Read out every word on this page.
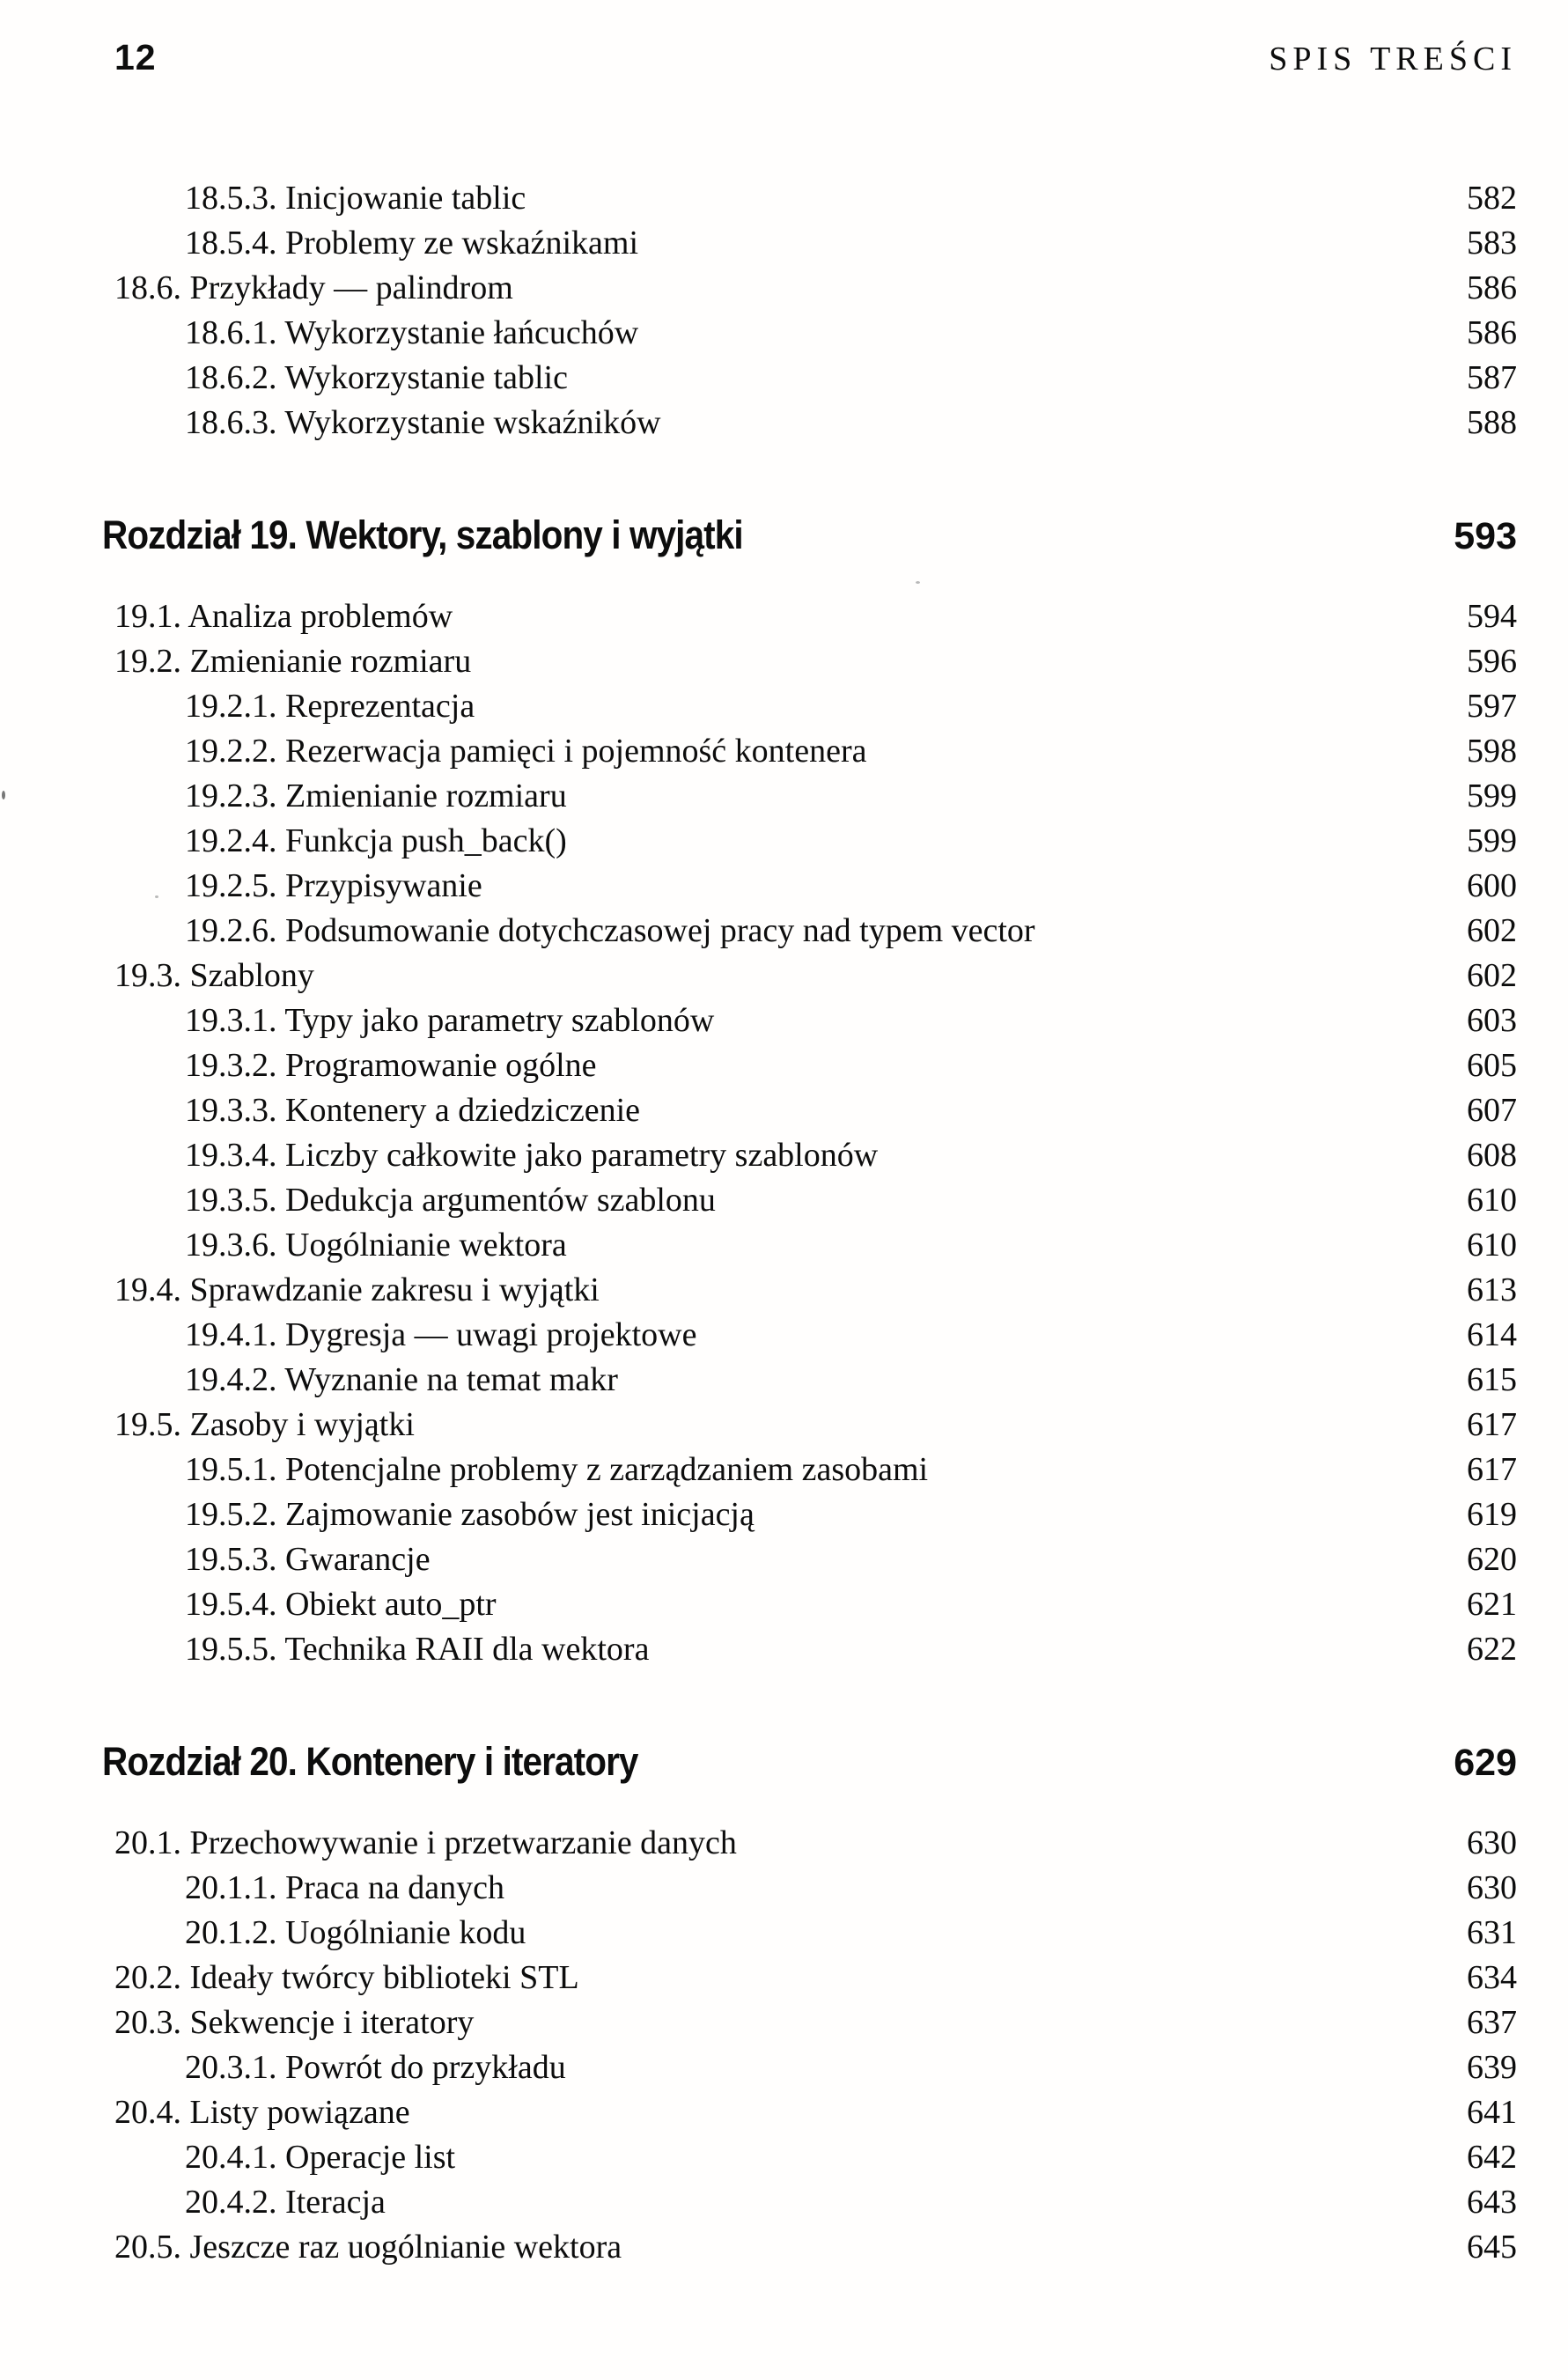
12	SPIS TREŚCI
18.5.3. Inicjowanie tablic	582
18.5.4. Problemy ze wskaźnikami	583
18.6. Przykłady — palindrom	586
18.6.1. Wykorzystanie łańcuchów	586
18.6.2. Wykorzystanie tablic	587
18.6.3. Wykorzystanie wskaźników	588
Rozdział 19. Wektory, szablony i wyjątki	593
19.1. Analiza problemów	594
19.2. Zmienianie rozmiaru	596
19.2.1. Reprezentacja	597
19.2.2. Rezerwacja pamięci i pojemność kontenera	598
19.2.3. Zmienianie rozmiaru	599
19.2.4. Funkcja push_back()	599
19.2.5. Przypisywanie	600
19.2.6. Podsumowanie dotychczasowej pracy nad typem vector	602
19.3. Szablony	602
19.3.1. Typy jako parametry szablonów	603
19.3.2. Programowanie ogólne	605
19.3.3. Kontenery a dziedziczenie	607
19.3.4. Liczby całkowite jako parametry szablonów	608
19.3.5. Dedukcja argumentów szablonu	610
19.3.6. Uogólnianie wektora	610
19.4. Sprawdzanie zakresu i wyjątki	613
19.4.1. Dygresja — uwagi projektowe	614
19.4.2. Wyznanie na temat makr	615
19.5. Zasoby i wyjątki	617
19.5.1. Potencjalne problemy z zarządzaniem zasobami	617
19.5.2. Zajmowanie zasobów jest inicjacją	619
19.5.3. Gwarancje	620
19.5.4. Obiekt auto_ptr	621
19.5.5. Technika RAII dla wektora	622
Rozdział 20. Kontenery i iteratory	629
20.1. Przechowywanie i przetwarzanie danych	630
20.1.1. Praca na danych	630
20.1.2. Uogólnianie kodu	631
20.2. Ideały twórcy biblioteki STL	634
20.3. Sekwencje i iteratory	637
20.3.1. Powrót do przykładu	639
20.4. Listy powiązane	641
20.4.1. Operacje list	642
20.4.2. Iteracja	643
20.5. Jeszcze raz uogólnianie wektora	645
